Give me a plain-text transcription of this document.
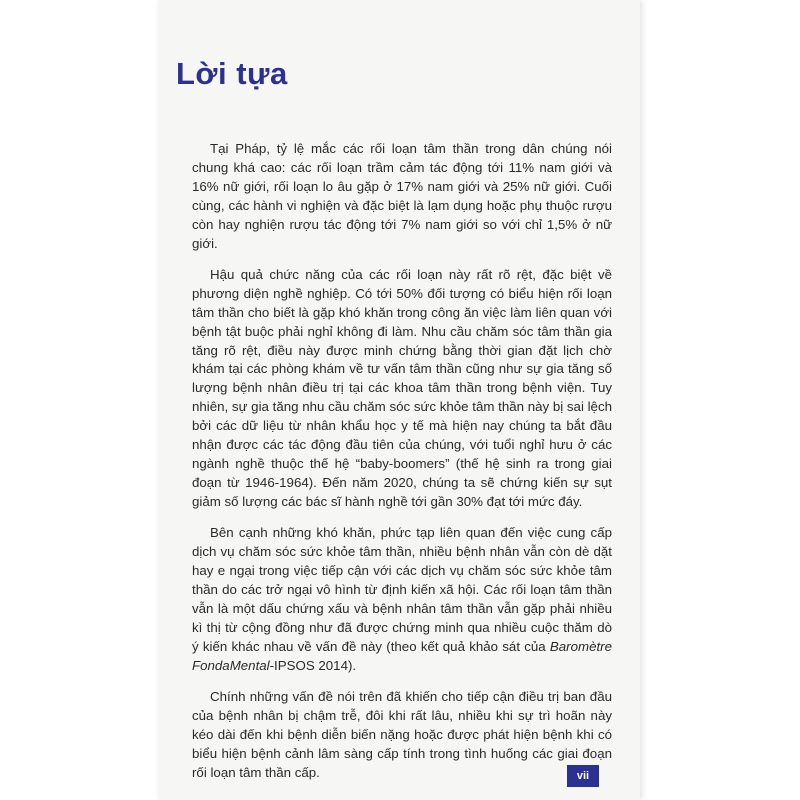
Lời tựa

Tại Pháp, tỷ lệ mắc các rối loạn tâm thần trong dân chúng nói chung khá cao: các rối loạn trầm cảm tác động tới 11% nam giới và 16% nữ giới, rối loạn lo âu gặp ở 17% nam giới và 25% nữ giới. Cuối cùng, các hành vi nghiện và đặc biệt là lạm dụng hoặc phụ thuộc rượu còn hay nghiện rượu tác động tới 7% nam giới so với chỉ 1,5% ở nữ giới.

Hậu quả chức năng của các rối loạn này rất rõ rệt, đặc biệt về phương diện nghề nghiệp. Có tới 50% đối tượng có biểu hiện rối loạn tâm thần cho biết là gặp khó khăn trong công ăn việc làm liên quan với bệnh tật buộc phải nghỉ không đi làm. Nhu cầu chăm sóc tâm thần gia tăng rõ rệt, điều này được minh chứng bằng thời gian đặt lịch chờ khám tại các phòng khám về tư vấn tâm thần cũng như sự gia tăng số lượng bệnh nhân điều trị tại các khoa tâm thần trong bệnh viện. Tuy nhiên, sự gia tăng nhu cầu chăm sóc sức khỏe tâm thần này bị sai lệch bởi các dữ liệu từ nhân khẩu học y tế mà hiện nay chúng ta bắt đầu nhận được các tác động đầu tiên của chúng, với tuổi nghỉ hưu ở các ngành nghề thuộc thế hệ “baby-boomers” (thế hệ sinh ra trong giai đoạn từ 1946-1964). Đến năm 2020, chúng ta sẽ chứng kiến sự sụt giảm số lượng các bác sĩ hành nghề tới gần 30% đạt tới mức đáy.

Bên cạnh những khó khăn, phức tạp liên quan đến việc cung cấp dịch vụ chăm sóc sức khỏe tâm thần, nhiều bệnh nhân vẫn còn dè dặt hay e ngại trong việc tiếp cận với các dịch vụ chăm sóc sức khỏe tâm thần do các trở ngại vô hình từ định kiến xã hội. Các rối loạn tâm thần vẫn là một dấu chứng xấu và bệnh nhân tâm thần vẫn gặp phải nhiều kì thị từ cộng đồng như đã được chứng minh qua nhiều cuộc thăm dò ý kiến khác nhau về vấn đề này (theo kết quả khảo sát của Baromètre FondaMental-IPSOS 2014).

Chính những vấn đề nói trên đã khiến cho tiếp cận điều trị ban đầu của bệnh nhân bị chậm trễ, đôi khi rất lâu, nhiều khi sự trì hoãn này kéo dài đến khi bệnh diễn biến nặng hoặc được phát hiện bệnh khi có biểu hiện bệnh cảnh lâm sàng cấp tính trong tình huống các giai đoạn rối loạn tâm thần cấp.	vii
